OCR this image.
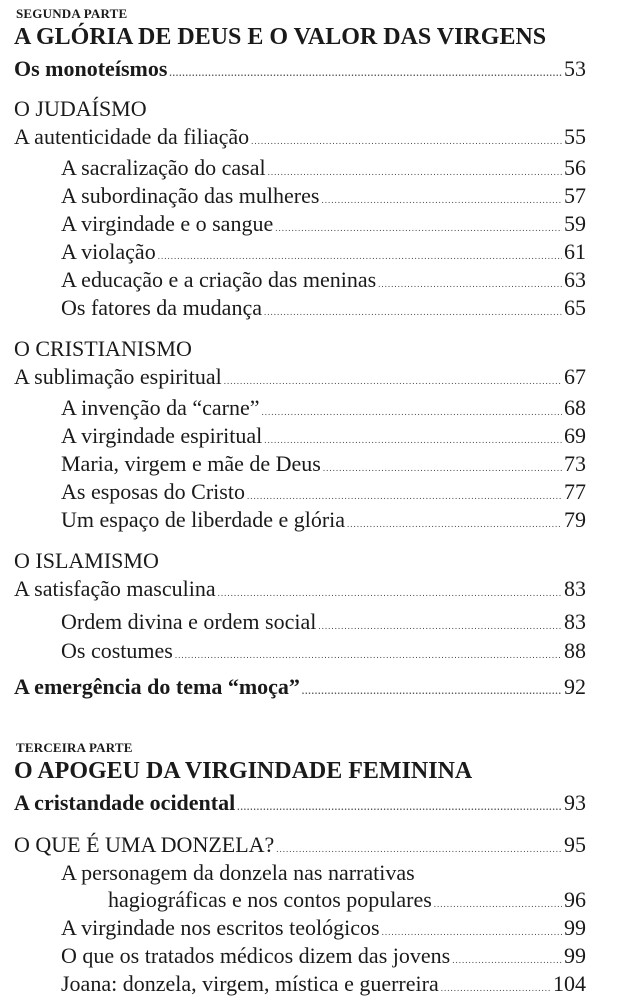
SEGUNDA PARTE
A GLÓRIA DE DEUS E O VALOR DAS VIRGENS
Os monoteísmos .....	53
O JUDAÍSMO
A autenticidade da filiação .....	55
A sacralização do casal .....	56
A subordinação das mulheres .....	57
A virgindade e o sangue .....	59
A violação .....	61
A educação e a criação das meninas .....	63
Os fatores da mudança .....	65
O CRISTIANISMO
A sublimação espiritual .....	67
A invenção da “carne” .....	68
A virgindade espiritual .....	69
Maria, virgem e mãe de Deus .....	73
As esposas do Cristo .....	77
Um espaço de liberdade e glória .....	79
O ISLAMISMO
A satisfação masculina .....	83
Ordem divina e ordem social .....	83
Os costumes .....	88
A emergência do tema “moça” .....	92
TERCEIRA PARTE
O APOGEU DA VIRGINDADE FEMININA
A cristandade ocidental .....	93
O QUE É UMA DONZELA? .....	95
A personagem da donzela nas narrativas
hagiográficas e nos contos populares .....	96
A virgindade nos escritos teológicos .....	99
O que os tratados médicos dizem das jovens .....	99
Joana: donzela, virgem, mística e guerreira .....	104
